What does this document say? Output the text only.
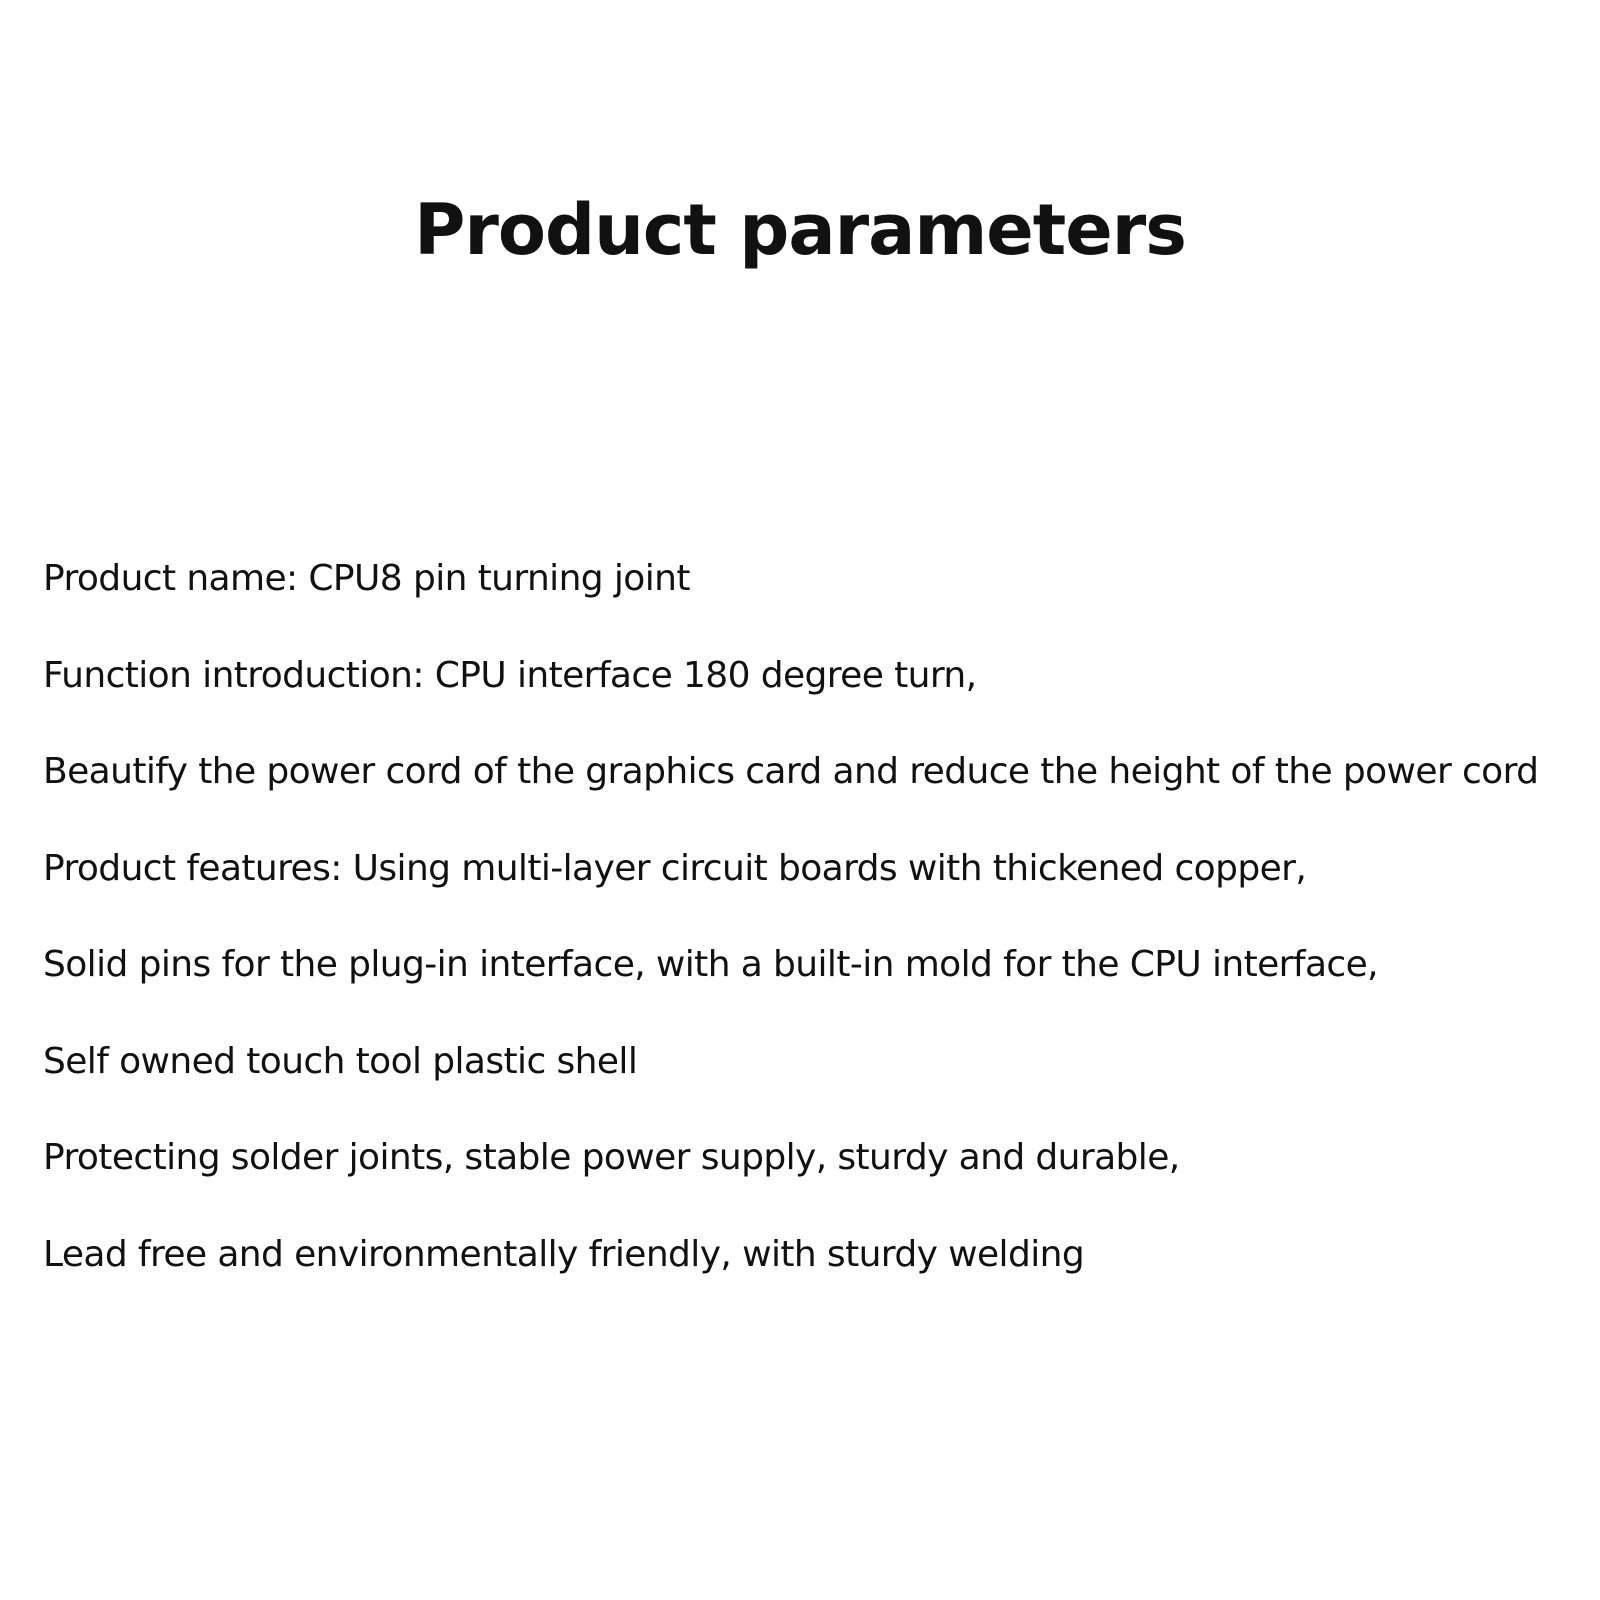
Product parameters
Product name: CPU8 pin turning joint
Function introduction: CPU interface 180 degree turn,
Beautify the power cord of the graphics card and reduce the height of the power cord
Product features: Using multi-layer circuit boards with thickened copper,
Solid pins for the plug-in interface, with a built-in mold for the CPU interface,
Self owned touch tool plastic shell
Protecting solder joints, stable power supply, sturdy and durable,
Lead free and environmentally friendly, with sturdy welding
